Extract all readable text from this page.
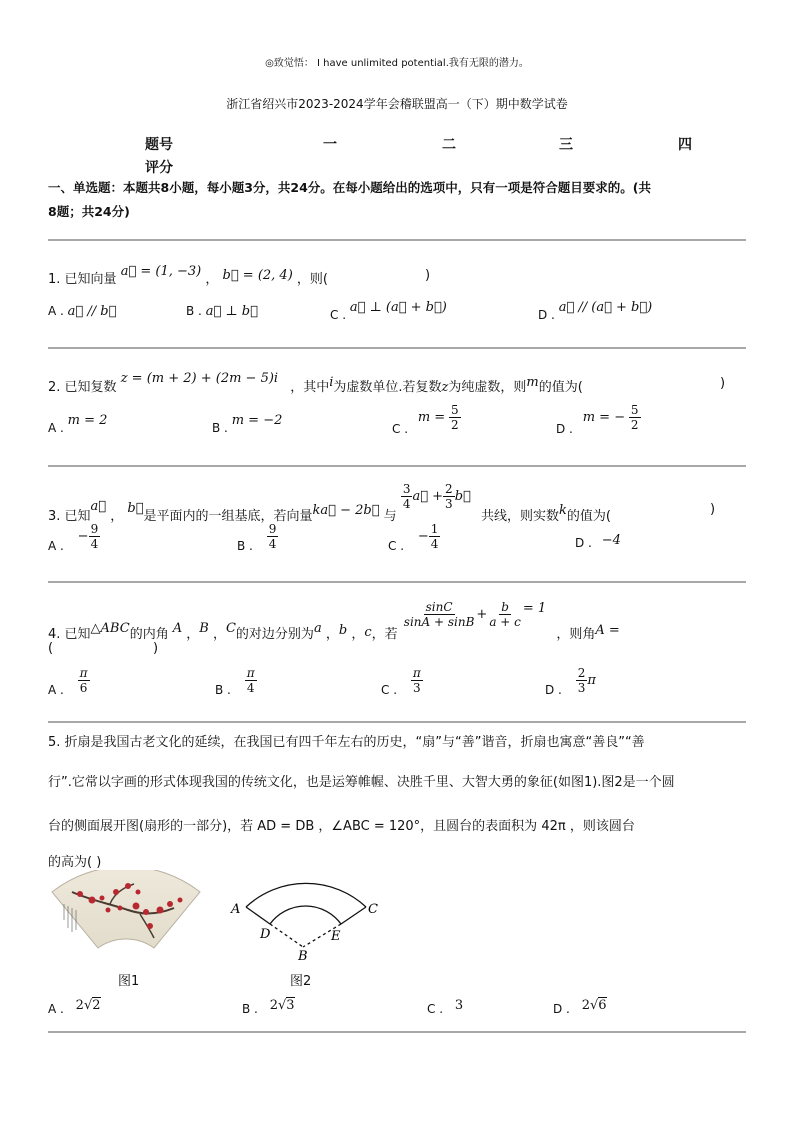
◎致觉悟： I have unlimited potential.我有无限的潜力。
浙江省绍兴市2023-2024学年会稽联盟高一（下）期中数学试卷
题号	一	二	三	四
评分
一、单选题：本题共8小题，每小题3分，共24分。在每小题给出的选项中，只有一项是符合题目要求的。(共
8题；共24分)
1. 已知向量 a⃗ = (1, −3) ， b⃗ = (2, 4) ，则(	)
A . a⃗ // b⃗	B . a⃗ ⊥ b⃗	C . a⃗ ⊥ (a⃗ + b⃗)	D . a⃗ // (a⃗ + b⃗)
2. 已知复数 z = (m + 2) + (2m − 5)i ，其中i为虚数单位.若复数z为纯虚数，则m的值为(	)
A . m = 2	B . m = −2
C . $m = \frac{5}{2}$	D . m = − $\frac{5}{2}$
3. 已知a⃗ ， b⃗是平面内的一组基底，若向量ka⃗ − 2b⃗ 与
$\frac{3}{4}$ a⃗ + $\frac{2}{3}$ b⃗ 共线，则实数k的值为(	)
A . − $\frac{9}{4}$	B . $\frac{9}{4}$	C . − $\frac{1}{4}$	D . −4
4. 已知△ABC的内角 A ，B ，C的对边分别为a ，b ，c，若
$\frac{\sin C}{\sin A + \sin B} + \frac{b}{a + c} = 1$ ，则角A =
(	)
A . $\frac{\pi}{6}$	B . $\frac{\pi}{4}$	C . $\frac{\pi}{3}$	D . $\frac{2}{3}$ π
5. 折扇是我国古老文化的延续，在我国已有四千年左右的历史，“扇”与“善”谐音，折扇也寓意“善良”“善
行”.它常以字画的形式体现我国的传统文化，也是运筹帷幄、决胜千里、大智大勇的象征(如图1).图2是一个圆
台的侧面展开图(扇形的一部分)，若 AD = DB ，∠ABC = 120°，且圆台的表面积为 42π ，则该圆台
的高为( )
图1
A	C
D	E
B
图2
A . 2√2	B . 2√3	C . 3	D . 2√6
